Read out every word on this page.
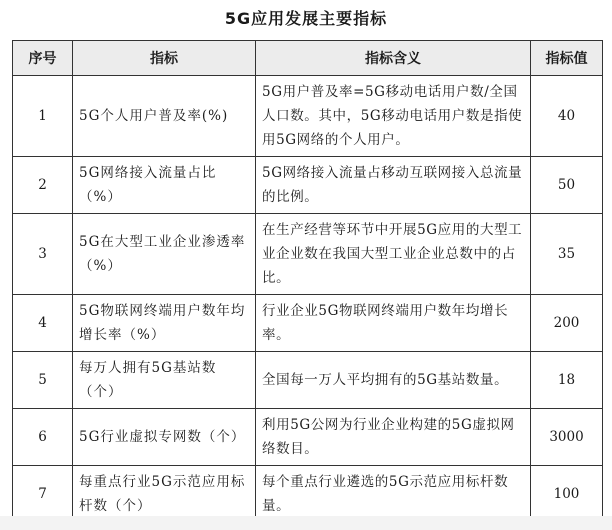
5G应用发展主要指标
序号	指标	指标含义	指标值
1	5G个人用户普及率(%)	5G用户普及率=5G移动电话用户数/全国人口数。其中，5G移动电话用户数是指使用5G网络的个人用户。	40
2	5G网络接入流量占比（%）	5G网络接入流量占移动互联网接入总流量的比例。	50
3	5G在大型工业企业渗透率（%）	在生产经营等环节中开展5G应用的大型工业企业数在我国大型工业企业总数中的占比。	35
4	5G物联网终端用户数年均增长率（%）	行业企业5G物联网终端用户数年均增长率。	200
5	每万人拥有5G基站数（个）	全国每一万人平均拥有的5G基站数量。	18
6	5G行业虚拟专网数（个）	利用5G公网为行业企业构建的5G虚拟网络数目。	3000
7	每重点行业5G示范应用标杆数（个）	每个重点行业遴选的5G示范应用标杆数量。	100
